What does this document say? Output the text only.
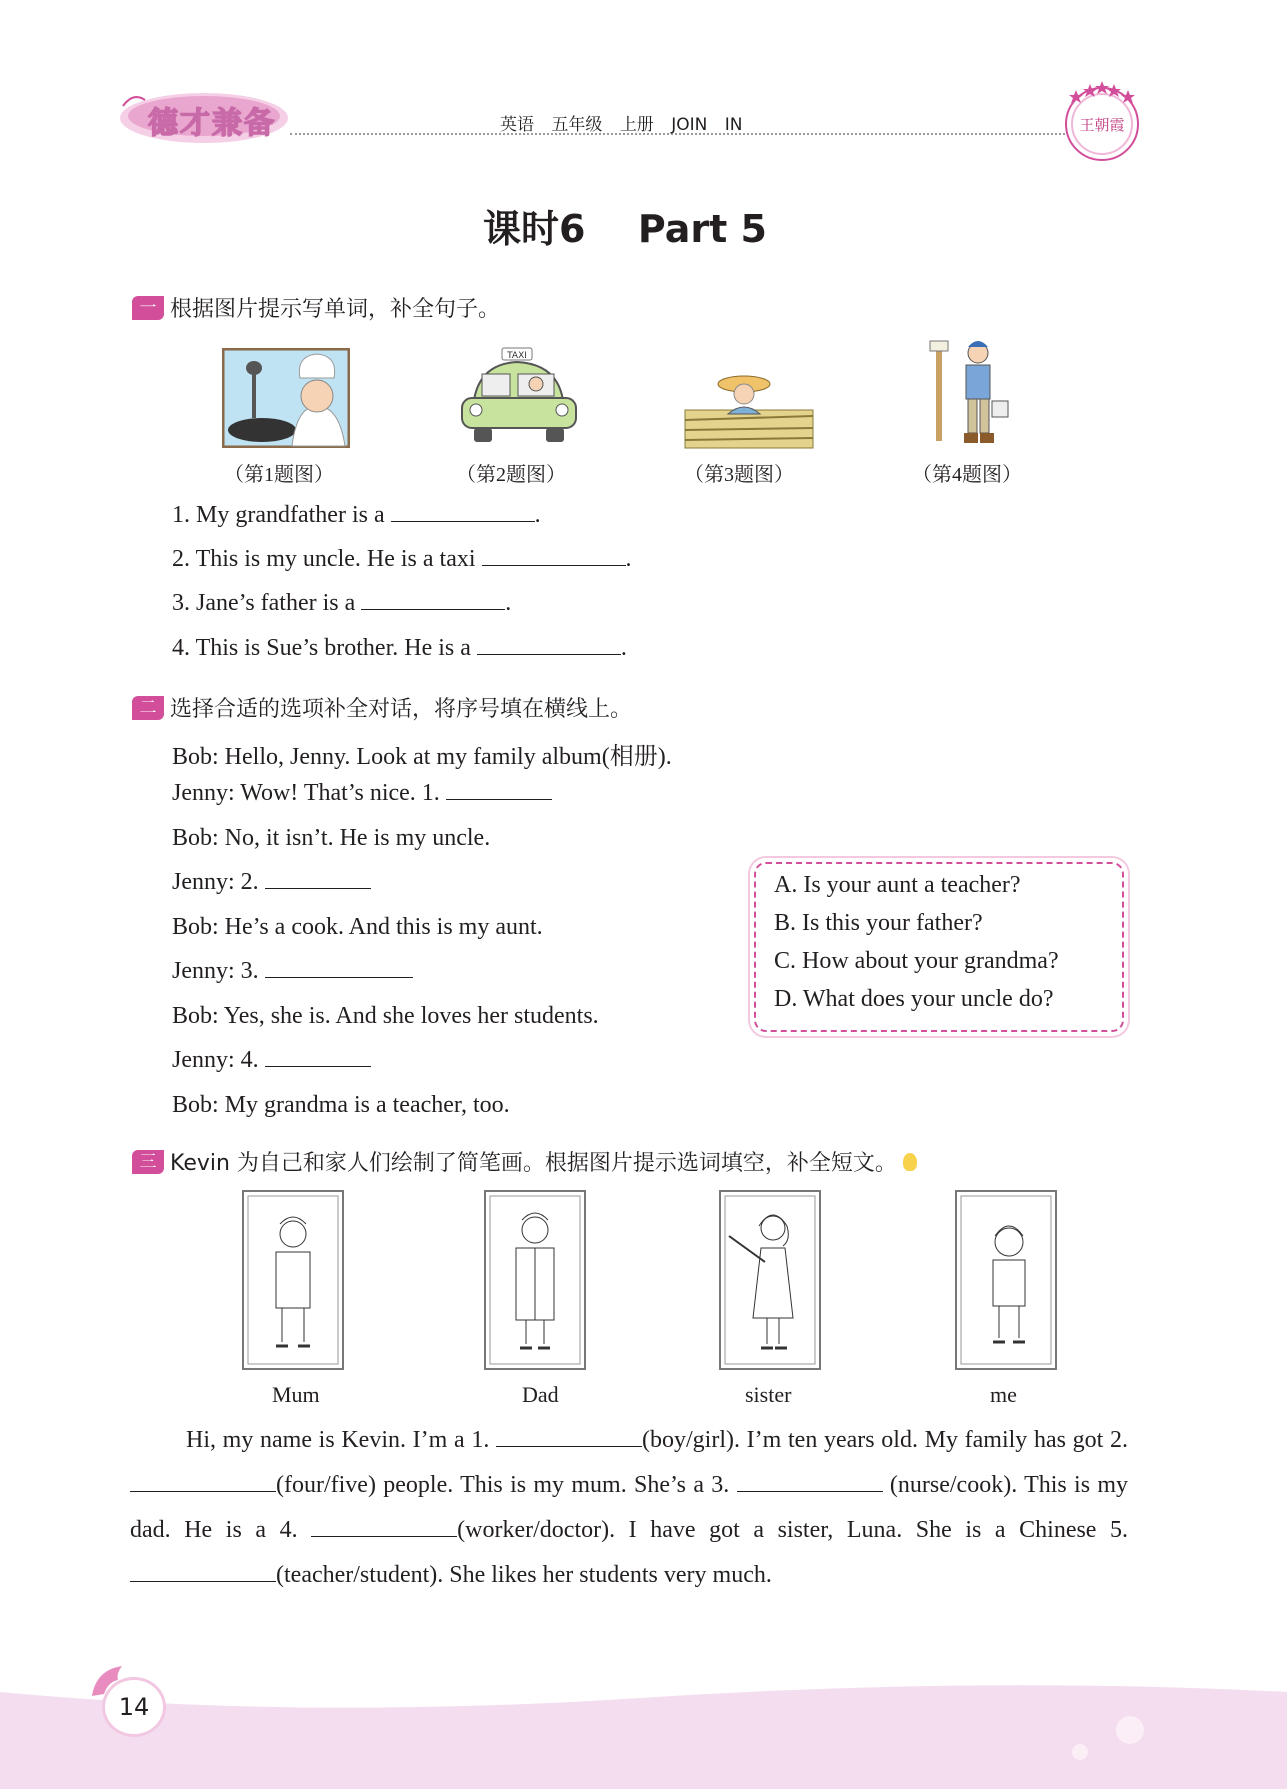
德才兼备	英语 五年级 上册 JOIN IN	王朝霞
课时6 Part 5
一 根据图片提示写单词，补全句子。
TAXI
（第1题图）	（第2题图）	（第3题图）	（第4题图）
1. My grandfather is a	.
2. This is my uncle. He is a taxi	.
3. Jane’s father is a	.
4. This is Sue’s brother. He is a	.
二 选择合适的选项补全对话，将序号填在横线上。
Bob: Hello, Jenny. Look at my family album(相册).
Jenny: Wow! That’s nice. 1.
Bob: No, it isn’t. He is my uncle.
Jenny: 2.
Bob: He’s a cook. And this is my aunt.
Jenny: 3.
Bob: Yes, she is. And she loves her students.
Jenny: 4.
Bob: My grandma is a teacher, too.
A. Is your aunt a teacher?
B. Is this your father?
C. How about your grandma?
D. What does your uncle do?
三 Kevin 为自己和家人们绘制了简笔画。根据图片提示选词填空，补全短文。
Mum	Dad	sister	me
Hi, my name is Kevin. I’m a 1.	(boy/girl). I’m ten years old. My family has got 2. (four/five) people. This is my mum. She’s a 3.	(nurse/cook). This is my dad. He is a 4.	(worker/doctor). I have got a sister, Luna. She is a Chinese 5. (teacher/student). She likes her students very much.
14
